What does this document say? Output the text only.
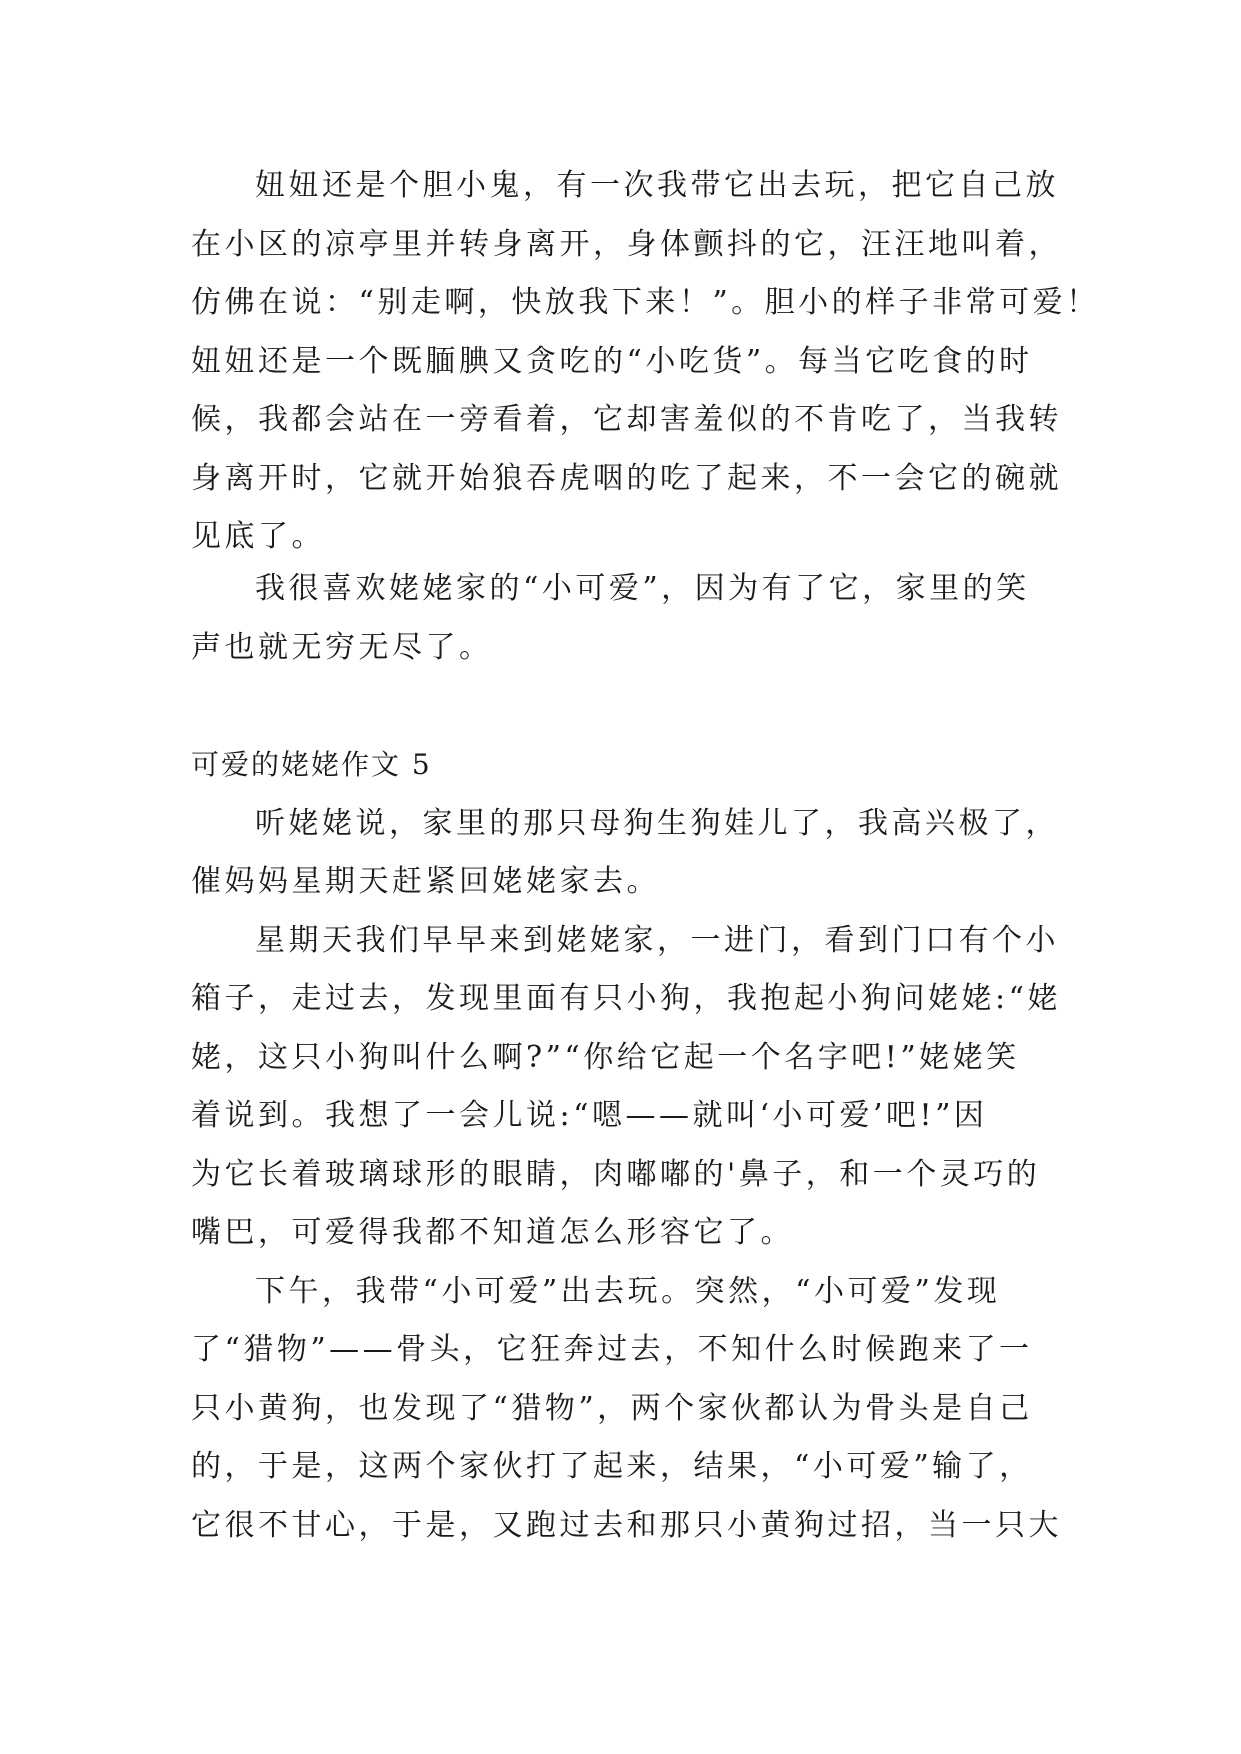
妞妞还是个胆小鬼，有一次我带它出去玩，把它自己放
在小区的凉亭里并转身离开，身体颤抖的它，汪汪地叫着，
仿佛在说：“别走啊，快放我下来！”。胆小的样子非常可爱！
妞妞还是一个既腼腆又贪吃的“小吃货”。每当它吃食的时
候，我都会站在一旁看着，它却害羞似的不肯吃了，当我转
身离开时，它就开始狼吞虎咽的吃了起来，不一会它的碗就
见底了。
我很喜欢姥姥家的“小可爱”，因为有了它，家里的笑
声也就无穷无尽了。
可爱的姥姥作文 5
听姥姥说，家里的那只母狗生狗娃儿了，我高兴极了，
催妈妈星期天赶紧回姥姥家去。
星期天我们早早来到姥姥家，一进门，看到门口有个小
箱子，走过去，发现里面有只小狗，我抱起小狗问姥姥:“姥
姥，这只小狗叫什么啊?”“你给它起一个名字吧!”姥姥笑
着说到。我想了一会儿说:“嗯——就叫‘小可爱’吧!”因
为它长着玻璃球形的眼睛，肉嘟嘟的'鼻子，和一个灵巧的
嘴巴，可爱得我都不知道怎么形容它了。
下午，我带“小可爱”出去玩。突然，“小可爱”发现
了“猎物”——骨头，它狂奔过去，不知什么时候跑来了一
只小黄狗，也发现了“猎物”，两个家伙都认为骨头是自己
的，于是，这两个家伙打了起来，结果，“小可爱”输了，
它很不甘心，于是，又跑过去和那只小黄狗过招，当一只大
